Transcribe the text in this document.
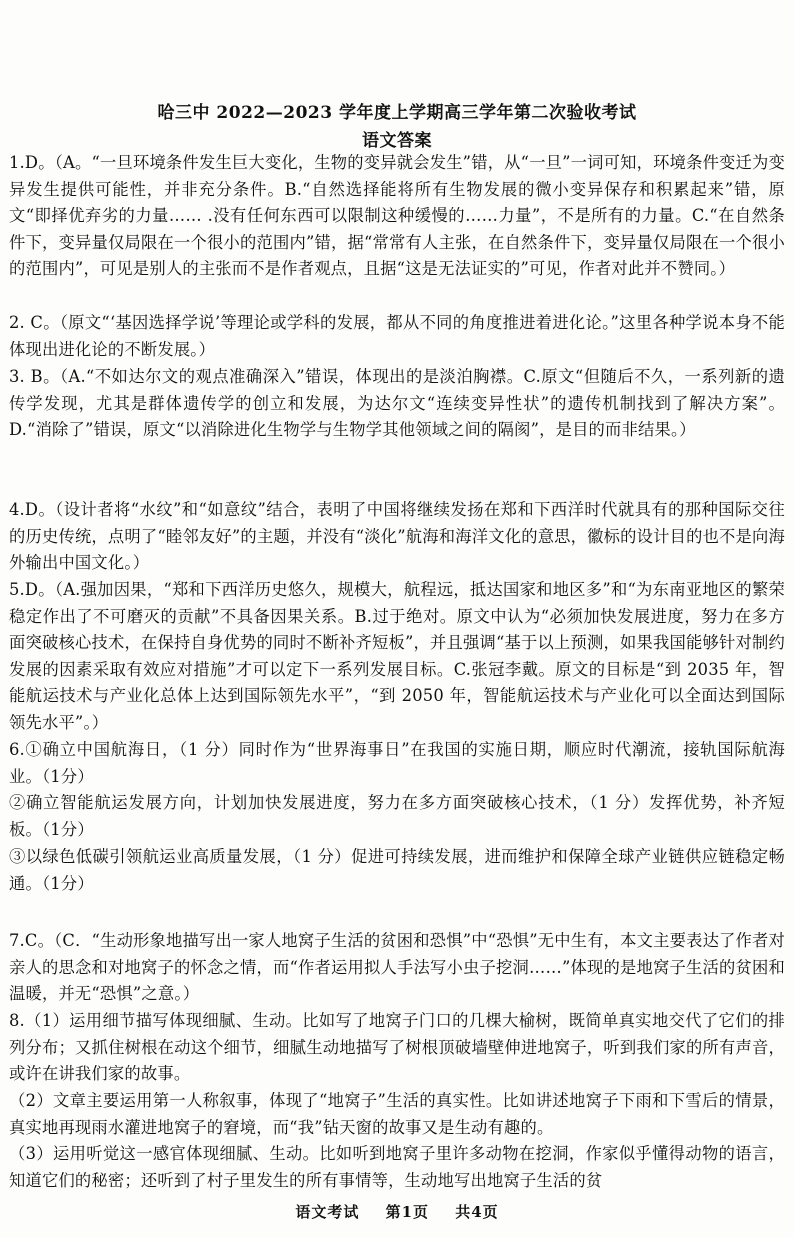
哈三中 2022—2023 学年度上学期高三学年第二次验收考试
语文答案
1.D。（A。“一旦环境条件发生巨大变化，生物的变异就会发生”错，从“一旦”一词可知，环境条件变迁为变异发生提供可能性，并非充分条件。B.“自然选择能将所有生物发展的微小变异保存和积累起来”错，原文“即择优弃劣的力量…… .没有任何东西可以限制这种缓慢的……力量”，不是所有的力量。C.“在自然条件下，变异量仅局限在一个很小的范围内”错，据“常常有人主张，在自然条件下，变异量仅局限在一个很小的范围内”，可见是别人的主张而不是作者观点，且据“这是无法证实的”可见，作者对此并不赞同。）
2. C。（原文“‘基因选择学说’等理论或学科的发展，都从不同的角度推进着进化论。”这里各种学说本身不能体现出进化论的不断发展。）
3. B。（A.“不如达尔文的观点准确深入”错误，体现出的是淡泊胸襟。C.原文“但随后不久，一系列新的遗传学发现，尤其是群体遗传学的创立和发展，为达尔文“连续变异性状”的遗传机制找到了解决方案”。D.“消除了”错误，原文“以消除进化生物学与生物学其他领域之间的隔阂”，是目的而非结果。）
4.D。（设计者将“水纹”和“如意纹”结合，表明了中国将继续发扬在郑和下西洋时代就具有的那种国际交往的历史传统，点明了“睦邻友好”的主题，并没有“淡化”航海和海洋文化的意思，徽标的设计目的也不是向海外输出中国文化。）
5.D。（A.强加因果，“郑和下西洋历史悠久，规模大，航程远，抵达国家和地区多”和“为东南亚地区的繁荣稳定作出了不可磨灭的贡献”不具备因果关系。B.过于绝对。原文中认为“必须加快发展进度，努力在多方面突破核心技术，在保持自身优势的同时不断补齐短板”，并且强调“基于以上预测，如果我国能够针对制约发展的因素采取有效应对措施”才可以定下一系列发展目标。C.张冠李戴。原文的目标是“到 2035 年，智能航运技术与产业化总体上达到国际领先水平”，“到 2050 年，智能航运技术与产业化可以全面达到国际领先水平”。）
6.①确立中国航海日，（1 分）同时作为“世界海事日”在我国的实施日期，顺应时代潮流，接轨国际航海业。（1分）
②确立智能航运发展方向，计划加快发展进度，努力在多方面突破核心技术，（1 分）发挥优势，补齐短板。（1分）
③以绿色低碳引领航运业高质量发展，（1 分）促进可持续发展，进而维护和保障全球产业链供应链稳定畅通。（1分）
7.C。（C．“生动形象地描写出一家人地窝子生活的贫困和恐惧”中“恐惧”无中生有，本文主要表达了作者对亲人的思念和对地窝子的怀念之情，而“作者运用拟人手法写小虫子挖洞……”体现的是地窝子生活的贫困和温暖，并无“恐惧”之意。）
8.（1）运用细节描写体现细腻、生动。比如写了地窝子门口的几棵大榆树，既简单真实地交代了它们的排列分布；又抓住树根在动这个细节，细腻生动地描写了树根顶破墙壁伸进地窝子，听到我们家的所有声音，或许在讲我们家的故事。
（2）文章主要运用第一人称叙事，体现了“地窝子”生活的真实性。比如讲述地窝子下雨和下雪后的情景，真实地再现雨水灌进地窝子的窘境，而“我”钻天窗的故事又是生动有趣的。
（3）运用听觉这一感官体现细腻、生动。比如听到地窝子里许多动物在挖洞，作家似乎懂得动物的语言，知道它们的秘密；还听到了村子里发生的所有事情等，生动地写出地窝子生活的贫
语文考试 第1页 共4页
